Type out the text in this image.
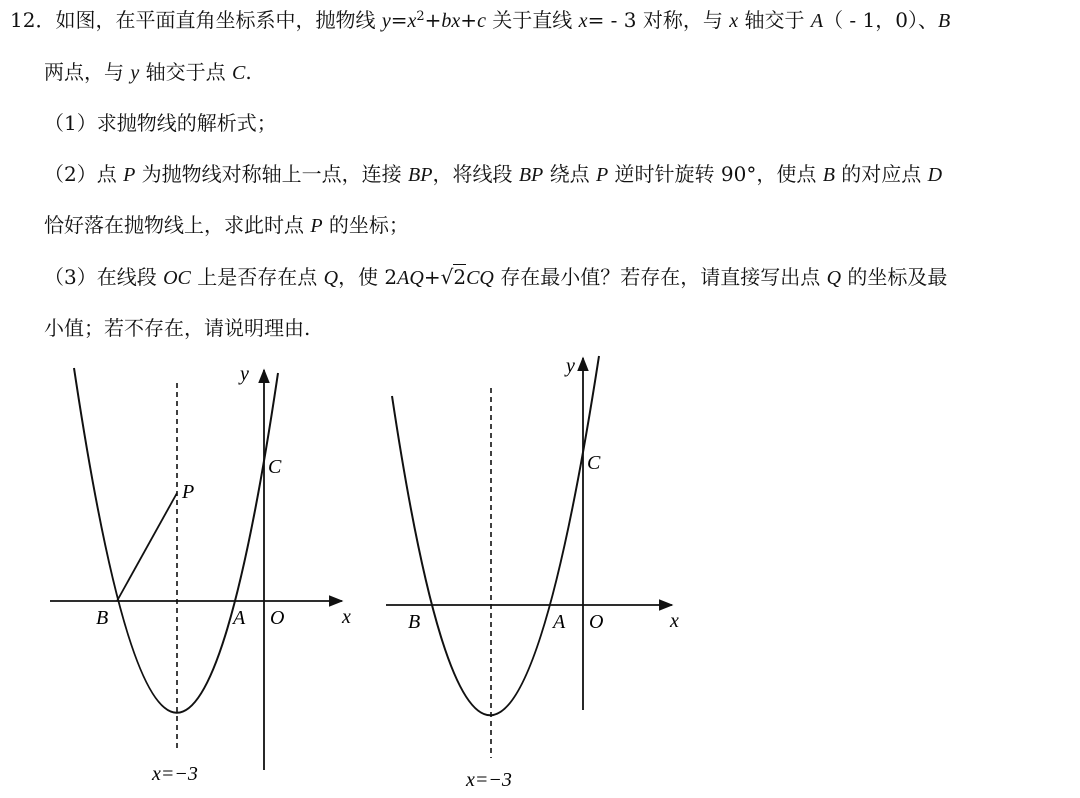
12．如图，在平面直角坐标系中，抛物线 $y=x^2+bx+c$ 关于直线 x= - 3 对称，与 x 轴交于 A（ - 1，0）、B
两点，与 y 轴交于点 C.
（1）求抛物线的解析式；
（2）点 P 为抛物线对称轴上一点，连接 BP，将线段 BP 绕点 P 逆时针旋转 90°，使点 B 的对应点 D
恰好落在抛物线上，求此时点 P 的坐标；
（3）在线段 OC 上是否存在点 Q，使 2AQ+√2CQ 存在最小值？若存在，请直接写出点 Q 的坐标及最
小值；若不存在，请说明理由.
y
x
O
A
B
C
P
x=−3
y
x
O
A
B
C
x=−3
